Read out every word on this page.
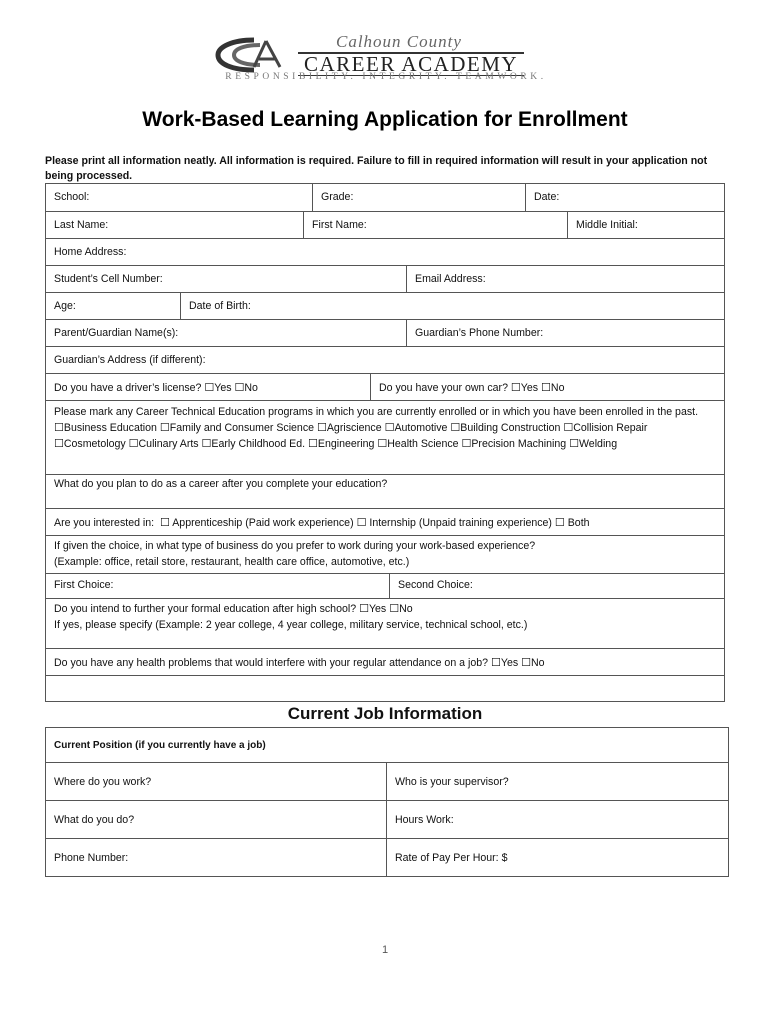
Calhoun County
CAREER ACADEMY
RESPONSIBILITY. INTEGRITY. TEAMWORK.
Work-Based Learning Application for Enrollment
Please print all information neatly. All information is required. Failure to fill in required information will result in your application not being processed.
School:	Grade:	Date:
Last Name:	First Name:	Middle Initial:
Home Address:
Student’s Cell Number:	Email Address:
Age:	Date of Birth:
Parent/Guardian Name(s):	Guardian’s Phone Number:
Guardian’s Address (if different):
Do you have a driver’s license? ☐ Yes ☐ No	Do you have your own car? ☐ Yes ☐ No
Please mark any Career Technical Education programs in which you are currently enrolled or in which you have been enrolled in the past.
☐ Business Education ☐ Family and Consumer Science ☐ Agriscience ☐ Automotive ☐ Building Construction ☐ Collision Repair
☐ Cosmetology ☐ Culinary Arts ☐ Early Childhood Ed. ☐ Engineering ☐ Health Science ☐ Precision Machining ☐ Welding
What do you plan to do as a career after you complete your education?
Are you interested in: ☐ Apprenticeship (Paid work experience) ☐ Internship (Unpaid training experience) ☐ Both
If given the choice, in what type of business do you prefer to work during your work-based experience?
(Example: office, retail store, restaurant, health care office, automotive, etc.)
First Choice:	Second Choice:
Do you intend to further your formal education after high school? ☐ Yes ☐ No
If yes, please specify (Example: 2 year college, 4 year college, military service, technical school, etc.)
Do you have any health problems that would interfere with your regular attendance on a job? ☐ Yes ☐ No
Current Job Information
Current Position (if you currently have a job)
Where do you work?	Who is your supervisor?
What do you do?	Hours Work:
Phone Number:	Rate of Pay Per Hour: $
1
